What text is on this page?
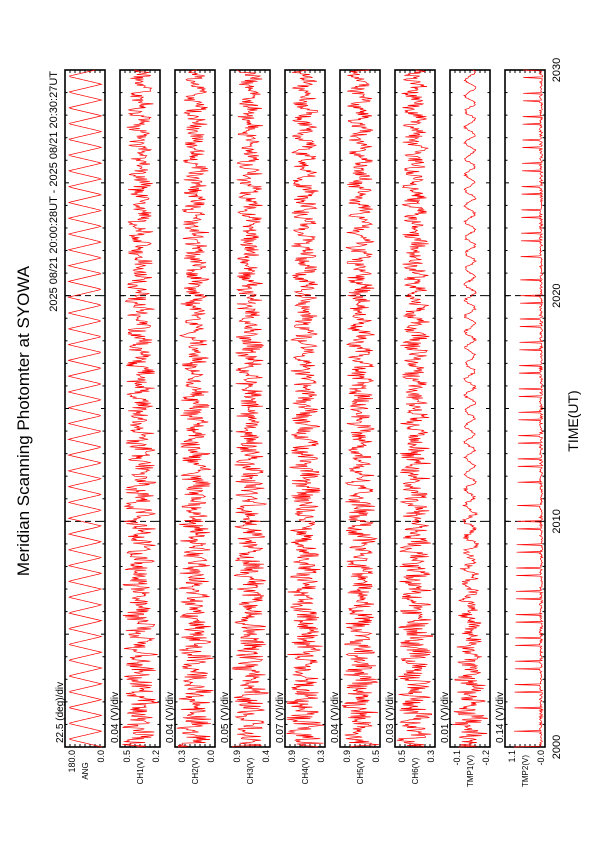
Meridian Scanning Photomter at SYOWA
2025 08/21 20:00:28UT - 2025 08/21 20:30:27UT
22.5 (deg)/div
180.0 0.0
ANG
0.04 (V)/div
0.5 0.2
CH1(V)
0.04 (V)/div
0.3 0.0
CH2(V)
0.05 (V)/div
0.9 0.4
CH3(V)
0.07 (V)/div
0.9 0.3
CH4(V)
0.04 (V)/div
0.9 0.5
CH5(V)
0.03 (V)/div
0.5 0.3
CH6(V)
0.01 (V)/div
-0.1 -0.2
TMP1(V)
0.14 (V)/div
1.1 -0.0
TMP2(V)
2000
2010
2020
2030
TIME(UT)
